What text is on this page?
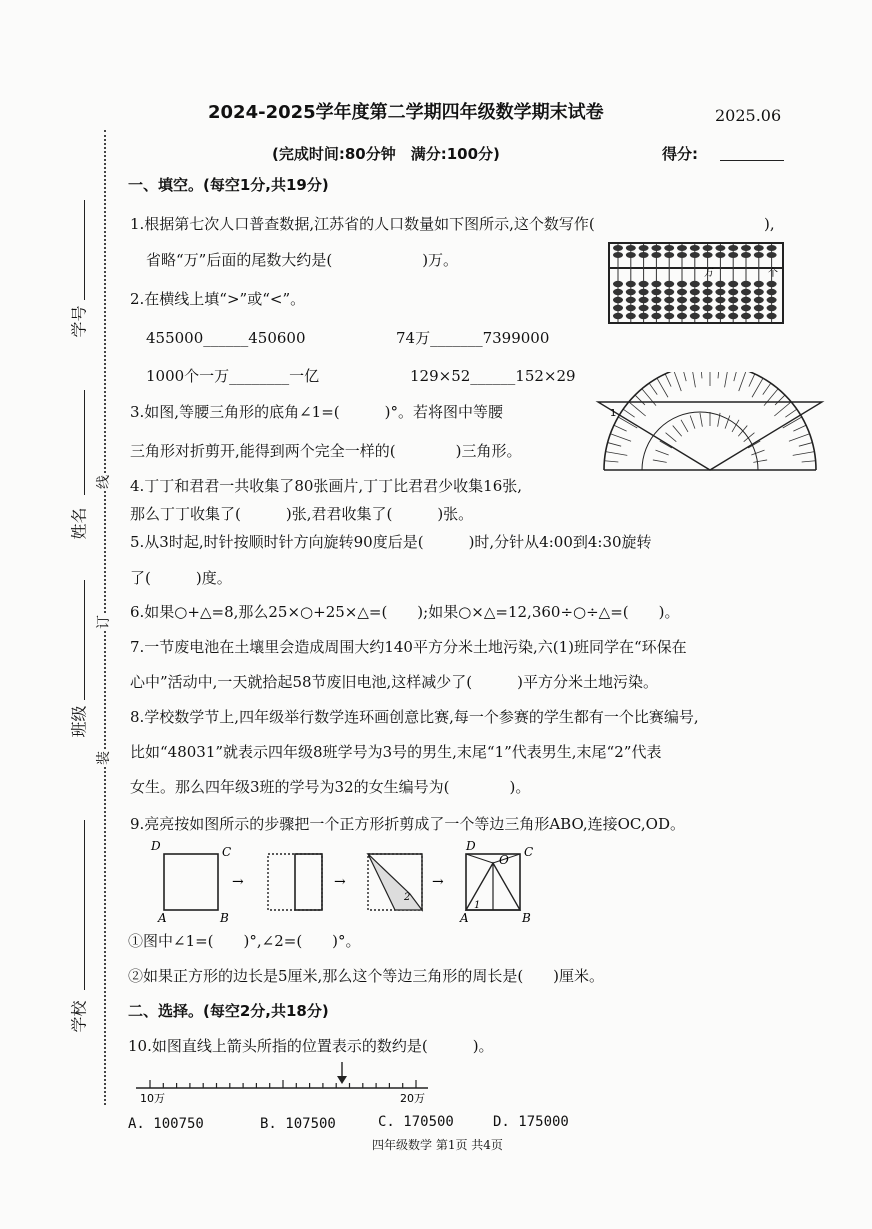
学号
姓名
班级
学校
线
订
装
2024-2025学年度第二学期四年级数学期末试卷	2025.06
(完成时间:80分钟　满分:100分)	得分:
一、填空。(每空1分,共19分)
1.根据第七次人口普查数据,江苏省的人口数量如下图所示,这个数写作(	),
省略“万”后面的尾数大约是(　　　　　　)万。
万	个
2.在横线上填“>”或“<”。
455000______450600	74万_______7399000
1000个一万________一亿	129×52______152×29
1
3.如图,等腰三角形的底角∠1=(　　　)°。若将图中等腰
三角形对折剪开,能得到两个完全一样的(　　　　)三角形。
4.丁丁和君君一共收集了80张画片,丁丁比君君少收集16张,
那么丁丁收集了(　　　)张,君君收集了(　　　)张。
5.从3时起,时针按顺时针方向旋转90度后是(　　　)时,分针从4:00到4:30旋转
了(　　　)度。
6.如果○+△=8,那么25×○+25×△=(　　);如果○×△=12,360÷○÷△=(　　)。
7.一节废电池在土壤里会造成周围大约140平方分米土地污染,六(1)班同学在“环保在
心中”活动中,一天就拾起58节废旧电池,这样减少了(　　　)平方分米土地污染。
8.学校数学节上,四年级举行数学连环画创意比赛,每一个参赛的学生都有一个比赛编号,
比如“48031”就表示四年级8班学号为3号的男生,末尾“1”代表男生,末尾“2”代表
女生。那么四年级3班的学号为32的女生编号为(　　　　)。
9.亮亮按如图所示的步骤把一个正方形折剪成了一个等边三角形ABO,连接OC,OD。
D	C
A	B
→	→
2
→
D
O
C
A
1
B
①图中∠1=(　　)°,∠2=(　　)°。
②如果正方形的边长是5厘米,那么这个等边三角形的周长是(　　)厘米。
二、选择。(每空2分,共18分)
10.如图直线上箭头所指的位置表示的数约是(　　　)。
10万	20万
A. 100750	B. 107500	C. 170500	D. 175000
四年级数学 第1页 共4页
